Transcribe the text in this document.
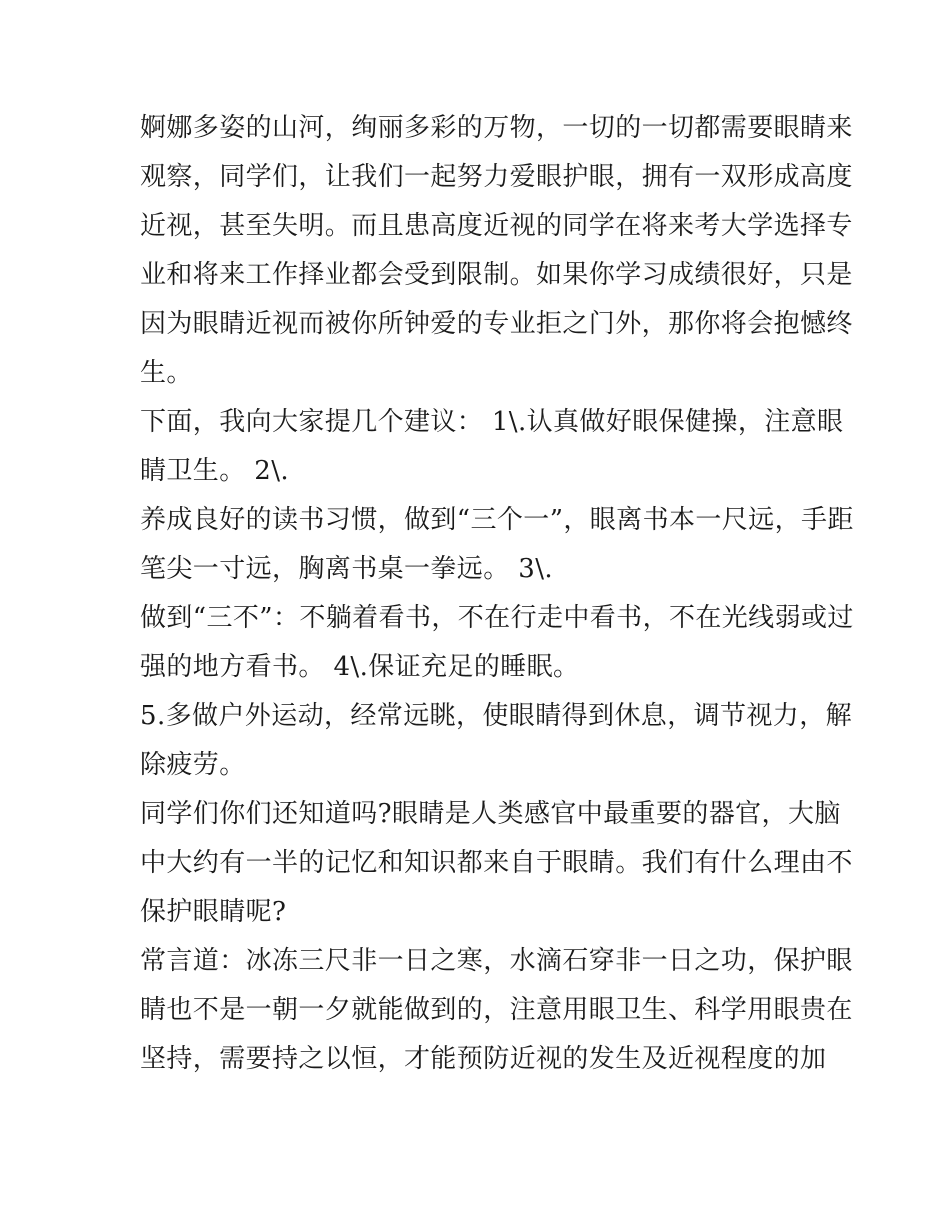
婀娜多姿的山河，绚丽多彩的万物，一切的一切都需要眼睛来
观察，同学们，让我们一起努力爱眼护眼，拥有一双形成高度
近视，甚至失明。而且患高度近视的同学在将来考大学选择专
业和将来工作择业都会受到限制。如果你学习成绩很好，只是
因为眼睛近视而被你所钟爱的专业拒之门外，那你将会抱憾终
生。

下面，我向大家提几个建议： 1\.认真做好眼保健操，注意眼
睛卫生。 2\.

养成良好的读书习惯，做到“三个一”，眼离书本一尺远，手距
笔尖一寸远，胸离书桌一拳远。 3\.

做到“三不”：不躺着看书，不在行走中看书，不在光线弱或过
强的地方看书。 4\.保证充足的睡眠。

5.多做户外运动，经常远眺，使眼睛得到休息，调节视力，解
除疲劳。

同学们你们还知道吗?眼睛是人类感官中最重要的器官，大脑
中大约有一半的记忆和知识都来自于眼睛。我们有什么理由不
保护眼睛呢?

常言道：冰冻三尺非一日之寒，水滴石穿非一日之功，保护眼
睛也不是一朝一夕就能做到的，注意用眼卫生、科学用眼贵在
坚持，需要持之以恒，才能预防近视的发生及近视程度的加
